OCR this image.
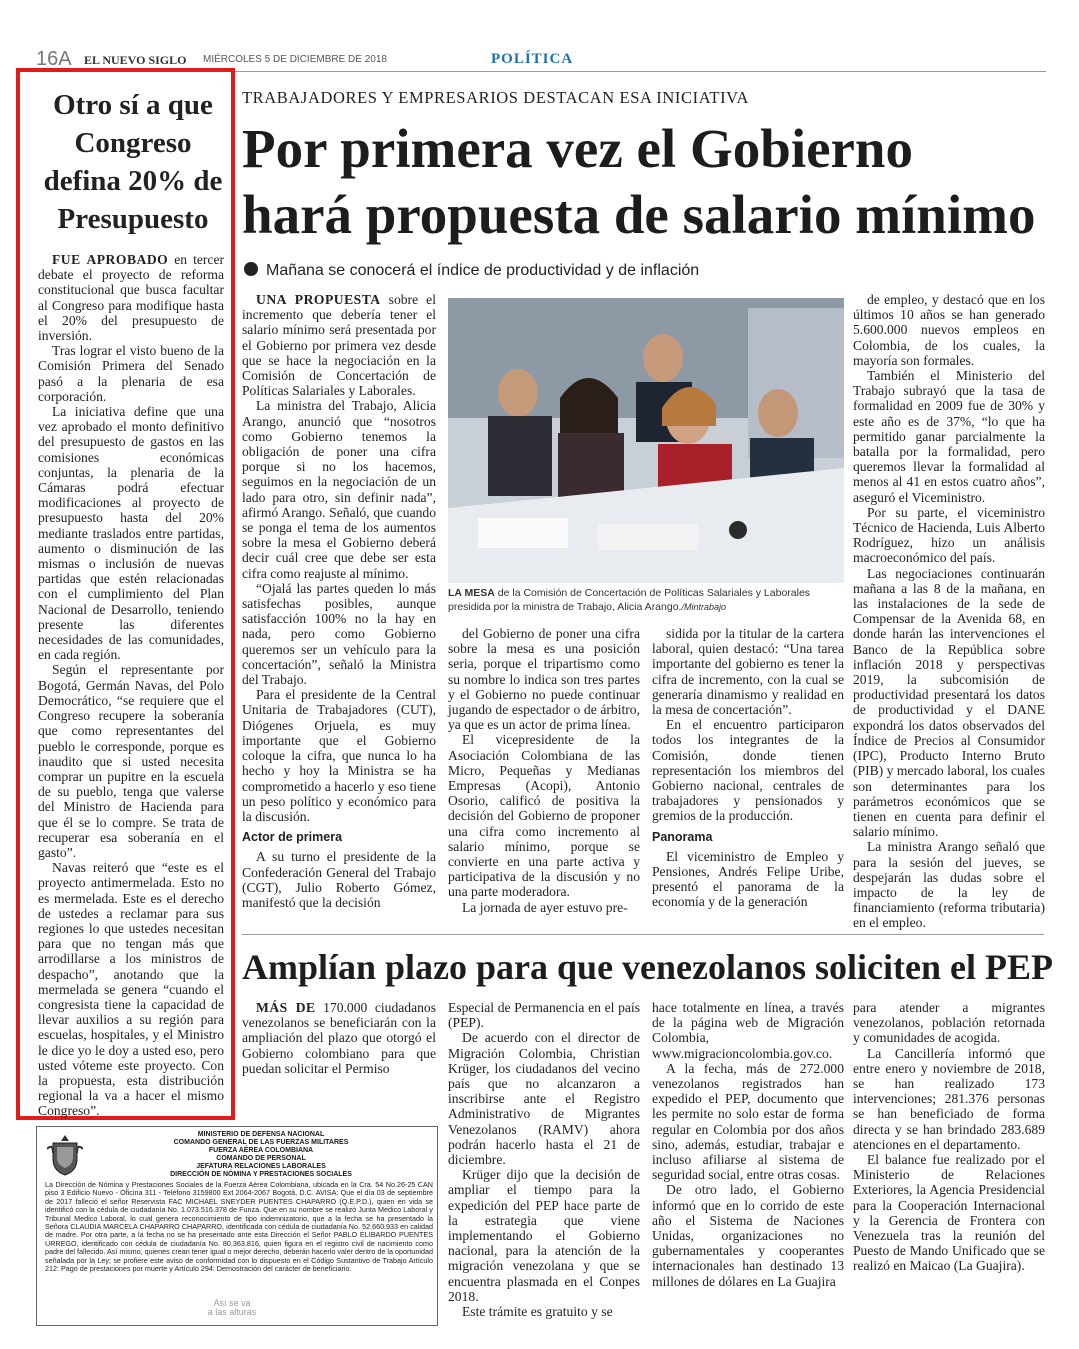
16A EL NUEVO SIGLO MIÉRCOLES 5 DE DICIEMBRE DE 2018	POLÍTICA
Otro sí a que Congreso defina 20% de Presupuesto

FUE APROBADO en tercer debate el proyecto de reforma constitucional que busca facultar al Congreso para modifique hasta el 20% del presupuesto de inversión.

Tras lograr el visto bueno de la Comisión Primera del Senado pasó a la plenaria de esa corporación.

La iniciativa define que una vez aprobado el monto definitivo del presupuesto de gastos en las comisiones económicas conjuntas, la plenaria de la Cámaras podrá efectuar modificaciones al proyecto de presupuesto hasta del 20% mediante traslados entre partidas, aumento o disminución de las mismas o inclusión de nuevas partidas que estén relacionadas con el cumplimiento del Plan Nacional de Desarrollo, teniendo presente las diferentes necesidades de las comunidades, en cada región.

Según el representante por Bogotá, Germán Navas, del Polo Democrático, “se requiere que el Congreso recupere la soberanía que como representantes del pueblo le corresponde, porque es inaudito que si usted necesita comprar un pupitre en la escuela de su pueblo, tenga que valerse del Ministro de Hacienda para que él se lo compre. Se trata de recuperar esa soberanía en el gasto”.

Navas reiteró que “este es el proyecto antimermelada. Esto no es mermelada. Este es el derecho de ustedes a reclamar para sus regiones lo que ustedes necesitan para que no tengan más que arrodillarse a los ministros de despacho”, anotando que la mermelada se genera “cuando el congresista tiene la capacidad de llevar auxilios a su región para escuelas, hospitales, y el Ministro le dice yo le doy a usted eso, pero usted vóteme este proyecto. Con la propuesta, esta distribución regional la va a hacer el mismo Congreso”.

TRABAJADORES Y EMPRESARIOS DESTACAN ESA INICIATIVA
Por primera vez el Gobierno
hará propuesta de salario mínimo
Mañana se conocerá el índice de productividad y de inflación

UNA PROPUESTA sobre el incremento que debería tener el salario mínimo será presentada por el Gobierno por primera vez desde que se hace la negociación en la Comisión de Concertación de Políticas Salariales y Laborales.

La ministra del Trabajo, Alicia Arango, anunció que “nosotros como Gobierno tenemos la obligación de poner una cifra porque si no los hacemos, seguimos en la negociación de un lado para otro, sin definir nada”, afirmó Arango. Señaló, que cuando se ponga el tema de los aumentos sobre la mesa el Gobierno deberá decir cuál cree que debe ser esta cifra como reajuste al mínimo.

“Ojalá las partes queden lo más satisfechas posibles, aunque satisfacción 100% no la hay en nada, pero como Gobierno queremos ser un vehículo para la concertación”, señaló la Ministra del Trabajo.

Para el presidente de la Central Unitaria de Trabajadores (CUT), Diógenes Orjuela, es muy importante que el Gobierno coloque la cifra, que nunca lo ha hecho y hoy la Ministra se ha comprometido a hacerlo y eso tiene un peso político y económico para la discusión.

Actor de primera

A su turno el presidente de la Confederación General del Trabajo (CGT), Julio Roberto Gómez, manifestó que la decisión

LA MESA de la Comisión de Concertación de Políticas Salariales y Laborales presidida por la ministra de Trabajo, Alicia Arango./Mintrabajo

del Gobierno de poner una cifra sobre la mesa es una posición seria, porque el tripartismo como su nombre lo indica son tres partes y el Gobierno no puede continuar jugando de espectador o de árbitro, ya que es un actor de prima línea.

El vicepresidente de la Asociación Colombiana de las Micro, Pequeñas y Medianas Empresas (Acopi), Antonio Osorio, calificó de positiva la decisión del Gobierno de proponer una cifra como incremento al salario mínimo, porque se convierte en una parte activa y participativa de la discusión y no una parte moderadora.

La jornada de ayer estuvo pre-

sidida por la titular de la cartera laboral, quien destacó: “Una tarea importante del gobierno es tener la cifra de incremento, con la cual se generaría dinamismo y realidad en la mesa de concertación”.

En el encuentro participaron todos los integrantes de la Comisión, donde tienen representación los miembros del Gobierno nacional, centrales de trabajadores y pensionados y gremios de la producción.

Panorama

El viceministro de Empleo y Pensiones, Andrés Felipe Uribe, presentó el panorama de la economía y de la generación

de empleo, y destacó que en los últimos 10 años se han generado 5.600.000 nuevos empleos en Colombia, de los cuales, la mayoría son formales.

También el Ministerio del Trabajo subrayó que la tasa de formalidad en 2009 fue de 30% y este año es de 37%, “lo que ha permitido ganar parcialmente la batalla por la formalidad, pero queremos llevar la formalidad al menos al 41 en estos cuatro años”, aseguró el Viceministro.

Por su parte, el viceministro Técnico de Hacienda, Luis Alberto Rodríguez, hizo un análisis macroeconómico del país.

Las negociaciones continuarán mañana a las 8 de la mañana, en las instalaciones de la sede de Compensar de la Avenida 68, en donde harán las intervenciones el Banco de la República sobre inflación 2018 y perspectivas 2019, la subcomisión de productividad presentará los datos de productividad y el DANE expondrá los datos observados del Índice de Precios al Consumidor (IPC), Producto Interno Bruto (PIB) y mercado laboral, los cuales son determinantes para los parámetros económicos que se tienen en cuenta para definir el salario mínimo.

La ministra Arango señaló que para la sesión del jueves, se despejarán las dudas sobre el impacto de la ley de financiamiento (reforma tributaria) en el empleo.

Amplían plazo para que venezolanos soliciten el PEP

MÁS DE 170.000 ciudadanos venezolanos se beneficiarán con la ampliación del plazo que otorgó el Gobierno colombiano para que puedan solicitar el Permiso

Especial de Permanencia en el país (PEP).

De acuerdo con el director de Migración Colombia, Christian Krüger, los ciudadanos del vecino país que no alcanzaron a inscribirse ante el Registro Administrativo de Migrantes Venezolanos (RAMV) ahora podrán hacerlo hasta el 21 de diciembre.

Krüger dijo que la decisión de ampliar el tiempo para la expedición del PEP hace parte de la estrategia que viene implementando el Gobierno nacional, para la atención de la migración venezolana y que se encuentra plasmada en el Conpes 2018.

Este trámite es gratuito y se

hace totalmente en línea, a través de la página web de Migración Colombia, www.migracioncolombia.gov.co.

A la fecha, más de 272.000 venezolanos registrados han expedido el PEP, documento que les permite no solo estar de forma regular en Colombia por dos años sino, además, estudiar, trabajar e incluso afiliarse al sistema de seguridad social, entre otras cosas.

De otro lado, el Gobierno informó que en lo corrido de este año el Sistema de Naciones Unidas, organizaciones no gubernamentales y cooperantes internacionales han destinado 13 millones de dólares en La Guajira

para atender a migrantes venezolanos, población retornada y comunidades de acogida.

La Cancillería informó que entre enero y noviembre de 2018, se han realizado 173 intervenciones; 281.376 personas se han beneficiado de forma directa y se han brindado 283.689 atenciones en el departamento.

El balance fue realizado por el Ministerio de Relaciones Exteriores, la Agencia Presidencial para la Cooperación Internacional y la Gerencia de Frontera con Venezuela tras la reunión del Puesto de Mando Unificado que se realizó en Maicao (La Guajira).

MINISTERIO DE DEFENSA NACIONAL
COMANDO GENERAL DE LAS FUERZAS MILITARES
FUERZA AÉREA COLOMBIANA
COMANDO DE PERSONAL
JEFATURA RELACIONES LABORALES
DIRECCIÓN DE NÓMINA Y PRESTACIONES SOCIALES
La Dirección de Nómina y Prestaciones Sociales de la Fuerza Aérea Colombiana, ubicada en la Cra. 54 No.26-25 CAN piso 3 Edificio Nuevo - Oficina 311 - Teléfono 3159800 Ext 2064-2067 Bogotá, D.C. AVISA: Que el día 03 de septiembre de 2017 falleció el señor Reservista FAC MICHAEL SNEYDER PUENTES CHAPARRO (Q.E.P.D.), quien en vida se identificó con la cédula de ciudadanía No. 1.073.516.378 de Funza. Que en su nombre se realizó Junta Medico Laboral y Tribunal Medico Laboral, lo cual genera reconocimiento de tipo indemnizatorio, que a la fecha se ha presentado la Señora CLAUDIA MARCELA CHAPARRO CHAPARRO, identificada con cédula de ciudadanía No. 52.660.933 en calidad de madre. Por otra parte, a la fecha no se ha presentado ante esta Dirección el Señor PABLO ELIBARDO PUENTES URREGO, identificado con cédula de ciudadanía No. 80.363.816, quien figura en el registro civil de nacimiento como padre del fallecido. Así mismo, quienes crean tener igual o mejor derecho, deberán hacerlo valer dentro de la oportunidad señalada por la Ley; se profiere este aviso de conformidad con lo dispuesto en el Código Sustantivo de Trabajo Artículo 212: Pago de prestaciones por muerte y Artículo 294: Demostración del carácter de beneficiario.
Así se va
a las alturas
